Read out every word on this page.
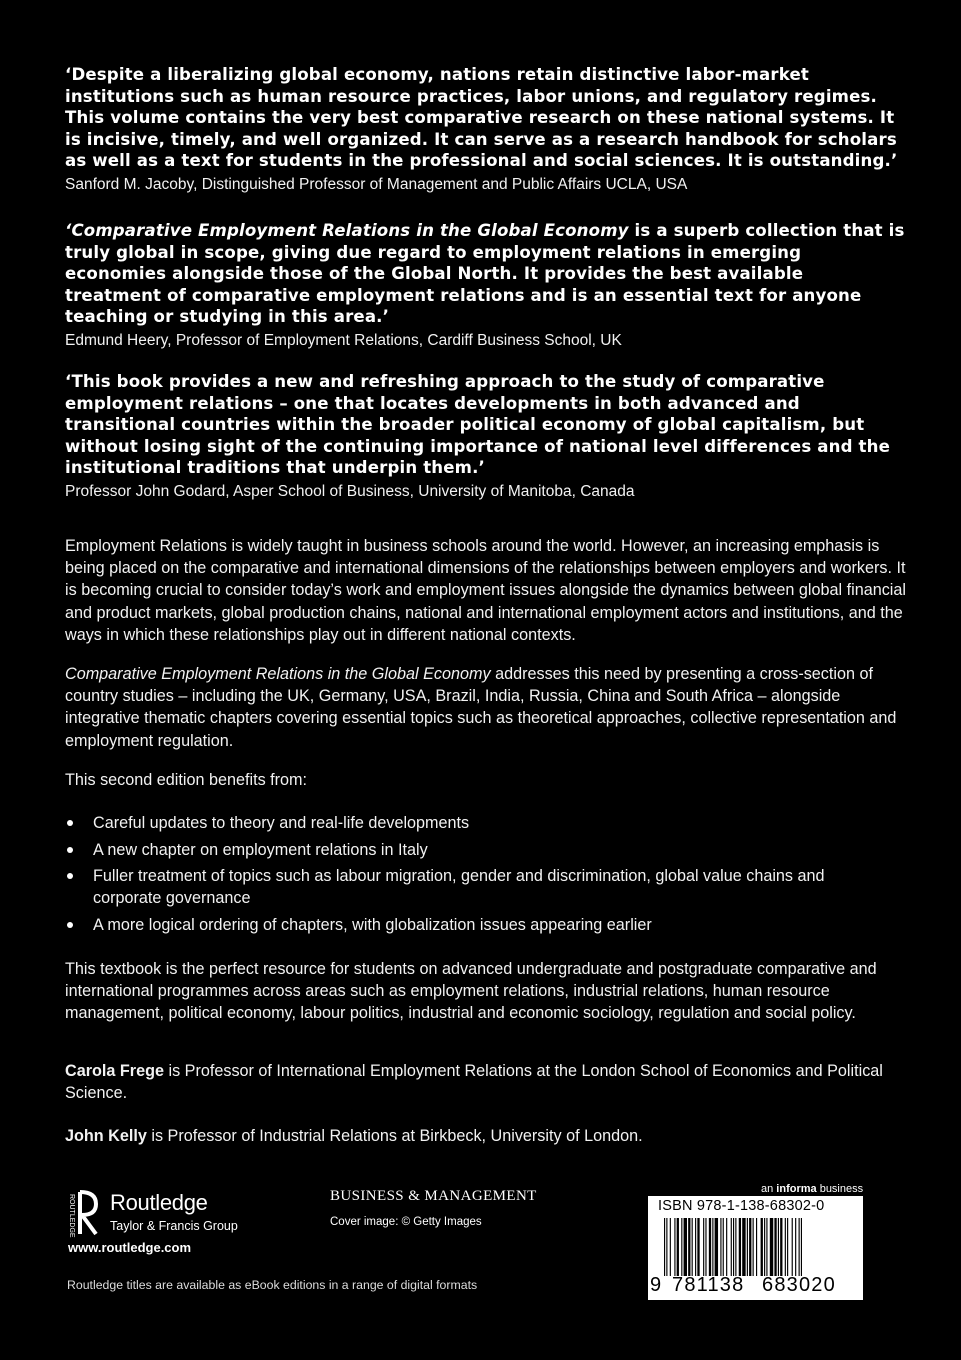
‘Despite a liberalizing global economy, nations retain distinctive labor-market institutions such as human resource practices, labor unions, and regulatory regimes. This volume contains the very best comparative research on these national systems. It is incisive, timely, and well organized. It can serve as a research handbook for scholars as well as a text for students in the professional and social sciences. It is outstanding.’

Sanford M. Jacoby, Distinguished Professor of Management and Public Affairs UCLA, USA

‘Comparative Employment Relations in the Global Economy is a superb collection that is truly global in scope, giving due regard to employment relations in emerging economies alongside those of the Global North. It provides the best available treatment of comparative employment relations and is an essential text for anyone teaching or studying in this area.’

Edmund Heery, Professor of Employment Relations, Cardiff Business School, UK

‘This book provides a new and refreshing approach to the study of comparative employment relations – one that locates developments in both advanced and transitional countries within the broader political economy of global capitalism, but without losing sight of the continuing importance of national level differences and the institutional traditions that underpin them.’

Professor John Godard, Asper School of Business, University of Manitoba, Canada

Employment Relations is widely taught in business schools around the world. However, an increasing emphasis is being placed on the comparative and international dimensions of the relationships between employers and workers. It is becoming crucial to consider today’s work and employment issues alongside the dynamics between global financial and product markets, global production chains, national and international employment actors and institutions, and the ways in which these relationships play out in different national contexts.

Comparative Employment Relations in the Global Economy addresses this need by presenting a cross-section of country studies – including the UK, Germany, USA, Brazil, India, Russia, China and South Africa – alongside integrative thematic chapters covering essential topics such as theoretical approaches, collective representation and employment regulation.

This second edition benefits from:

Careful updates to theory and real-life developments
A new chapter on employment relations in Italy
Fuller treatment of topics such as labour migration, gender and discrimination, global value chains and corporate governance
A more logical ordering of chapters, with globalization issues appearing earlier

This textbook is the perfect resource for students on advanced undergraduate and postgraduate comparative and international programmes across areas such as employment relations, industrial relations, human resource management, political economy, labour politics, industrial and economic sociology, regulation and social policy.

Carola Frege is Professor of International Employment Relations at the London School of Economics and Political Science.

John Kelly is Professor of Industrial Relations at Birkbeck, University of London.

ROUTLEDGE Routledge
Taylor & Francis Group
www.routledge.com
Routledge titles are available as eBook editions in a range of digital formats
BUSINESS & MANAGEMENT
Cover image: © Getty Images
an informa business
ISBN 978-1-138-68302-0
9 781138 683020
